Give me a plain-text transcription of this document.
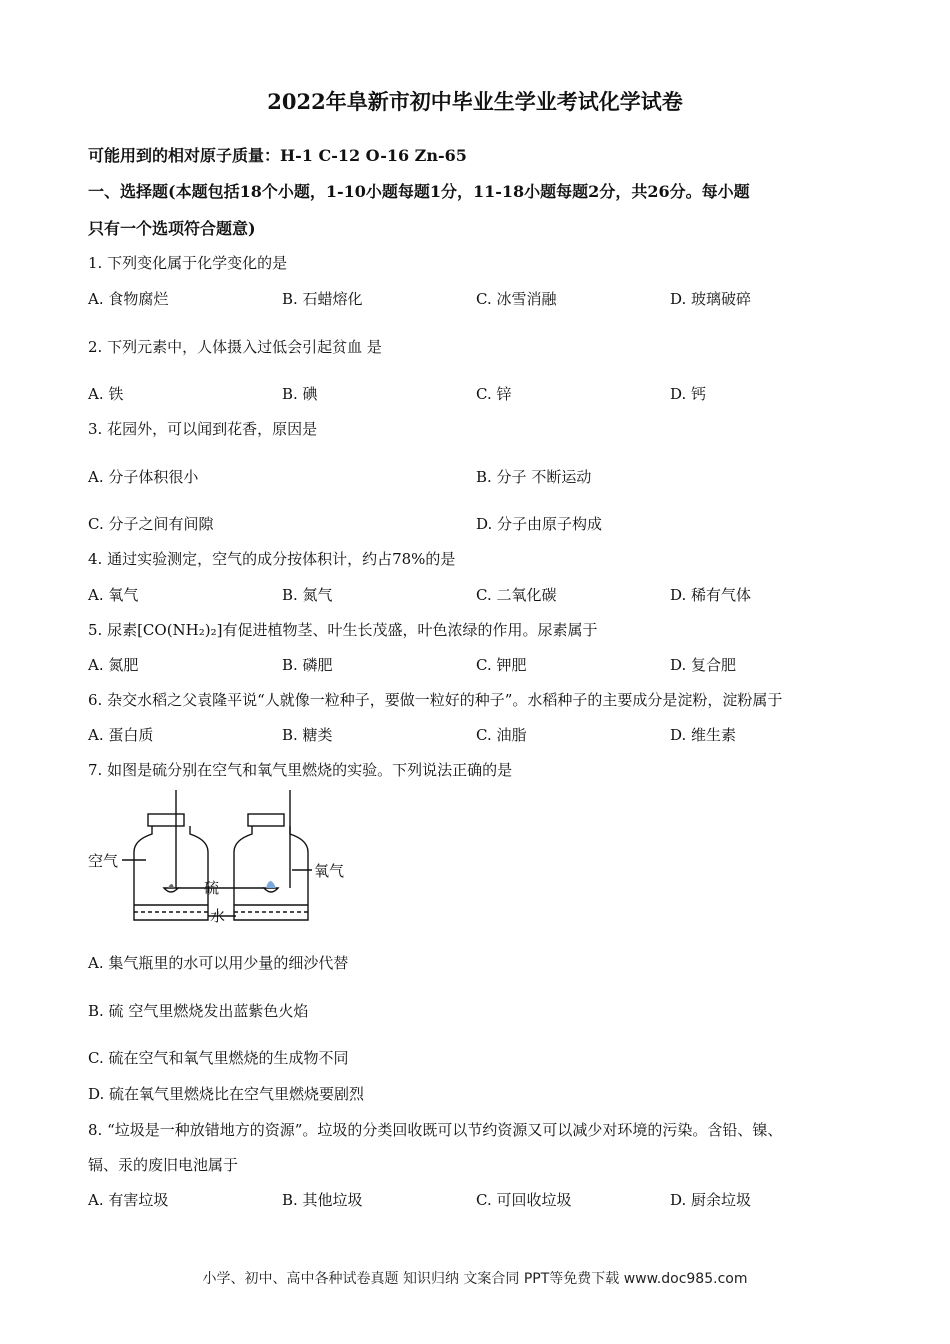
2022年阜新市初中毕业生学业考试化学试卷
可能用到的相对原子质量：H-1 C-12 O-16 Zn-65
一、选择题(本题包括18个小题，1-10小题每题1分，11-18小题每题2分，共26分。每小题
只有一个选项符合题意)
1. 下列变化属于化学变化的是
A. 食物腐烂	B. 石蜡熔化	C. 冰雪消融	D. 玻璃破碎
2. 下列元素中，人体摄入过低会引起贫血 是
A. 铁	B. 碘	C. 锌	D. 钙
3. 花园外，可以闻到花香，原因是
A. 分子体积很小	B. 分子 不断运动
C. 分子之间有间隙	D. 分子由原子构成
4. 通过实验测定，空气的成分按体积计，约占78%的是
A. 氧气	B. 氮气	C. 二氧化碳	D. 稀有气体
5. 尿素[CO(NH₂)₂]有促进植物茎、叶生长茂盛，叶色浓绿的作用。尿素属于
A. 氮肥	B. 磷肥	C. 钾肥	D. 复合肥
6. 杂交水稻之父袁隆平说“人就像一粒种子，要做一粒好的种子”。水稻种子的主要成分是淀粉，淀粉属于
A. 蛋白质	B. 糖类	C. 油脂	D. 维生素
7. 如图是硫分别在空气和氧气里燃烧的实验。下列说法正确的是
空气
硫
水
氧气
A. 集气瓶里的水可以用少量的细沙代替
B. 硫 空气里燃烧发出蓝紫色火焰
C. 硫在空气和氧气里燃烧的生成物不同
D. 硫在氧气里燃烧比在空气里燃烧要剧烈
8. “垃圾是一种放错地方的资源”。垃圾的分类回收既可以节约资源又可以减少对环境的污染。含铅、镍、
镉、汞的废旧电池属于
A. 有害垃圾	B. 其他垃圾	C. 可回收垃圾	D. 厨余垃圾
小学、初中、高中各种试卷真题 知识归纳 文案合同 PPT等免费下载 www.doc985.com
